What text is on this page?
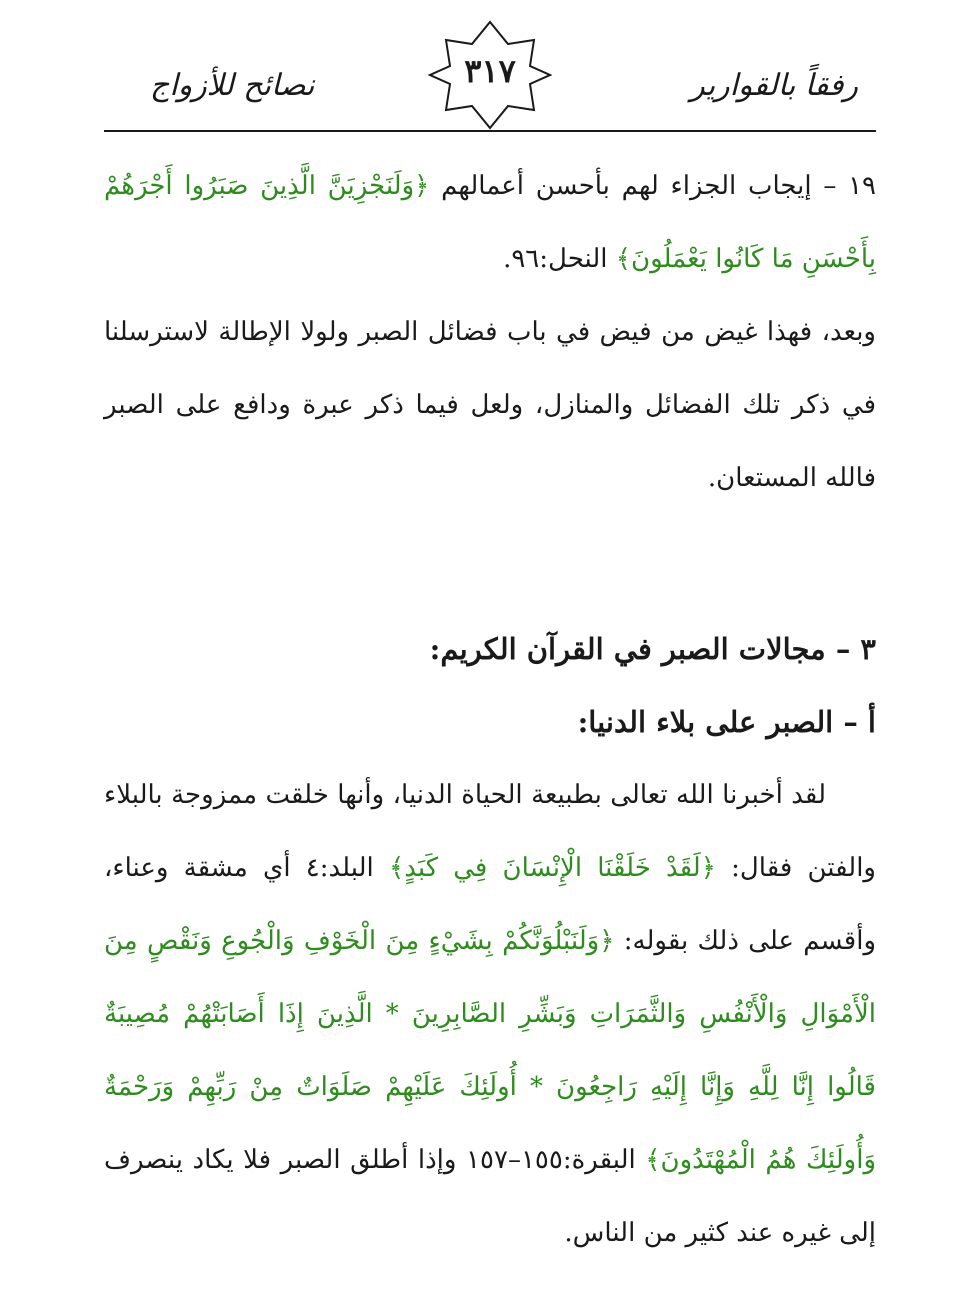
رفقاً بالقوارير
٣١٧
نصائح للأزواج

١٩ – إيجاب الجزاء لهم بأحسن أعمالهم ﴿وَلَنَجْزِيَنَّ الَّذِينَ صَبَرُوا أَجْرَهُمْ بِأَحْسَنِ مَا كَانُوا يَعْمَلُونَ﴾ النحل:٩٦.

وبعد، فهذا غيض من فيض في باب فضائل الصبر ولولا الإطالة لاسترسلنا في ذكر تلك الفضائل والمنازل، ولعل فيما ذكر عبرة ودافع على الصبر فالله المستعان.

٣ – مجالات الصبر في القرآن الكريم:

أ – الصبر على بلاء الدنيا:

لقد أخبرنا الله تعالى بطبيعة الحياة الدنيا، وأنها خلقت ممزوجة بالبلاء والفتن فقال: ﴿لَقَدْ خَلَقْنَا الْإِنْسَانَ فِي كَبَدٍ﴾ البلد:٤ أي مشقة وعناء، وأقسم على ذلك بقوله: ﴿وَلَنَبْلُوَنَّكُمْ بِشَيْءٍ مِنَ الْخَوْفِ وَالْجُوعِ وَنَقْصٍ مِنَ الْأَمْوَالِ وَالْأَنْفُسِ وَالثَّمَرَاتِ وَبَشِّرِ الصَّابِرِينَ * الَّذِينَ إِذَا أَصَابَتْهُمْ مُصِيبَةٌ قَالُوا إِنَّا لِلَّهِ وَإِنَّا إِلَيْهِ رَاجِعُونَ * أُولَئِكَ عَلَيْهِمْ صَلَوَاتٌ مِنْ رَبِّهِمْ وَرَحْمَةٌ وَأُولَئِكَ هُمُ الْمُهْتَدُونَ﴾ البقرة:١٥٥–١٥٧ وإذا أطلق الصبر فلا يكاد ينصرف إلى غيره عند كثير من الناس.
